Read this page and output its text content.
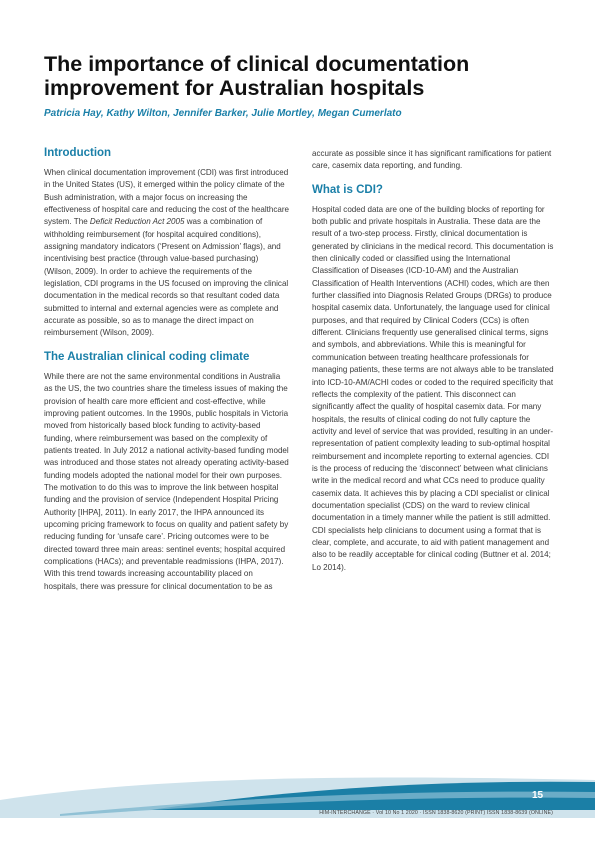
The importance of clinical documentation improvement for Australian hospitals

Patricia Hay, Kathy Wilton, Jennifer Barker, Julie Mortley, Megan Cumerlato

Introduction

When clinical documentation improvement (CDI) was first introduced in the United States (US), it emerged within the policy climate of the Bush administration, with a major focus on increasing the effectiveness of hospital care and reducing the cost of the healthcare system. The Deficit Reduction Act 2005 was a combination of withholding reimbursement (for hospital acquired conditions), assigning mandatory indicators (‘Present on Admission’ flags), and incentivising best practice (through value-based purchasing) (Wilson, 2009). In order to achieve the requirements of the legislation, CDI programs in the US focused on improving the clinical documentation in the medical records so that resultant coded data submitted to internal and external agencies were as complete and accurate as possible, so as to manage the direct impact on reimbursement (Wilson, 2009).

The Australian clinical coding climate

While there are not the same environmental conditions in Australia as the US, the two countries share the timeless issues of making the provision of health care more efficient and cost-effective, while improving patient outcomes. In the 1990s, public hospitals in Victoria moved from historically based block funding to activity-based funding, where reimbursement was based on the complexity of patients treated. In July 2012 a national activity-based funding model was introduced and those states not already operating activity-based funding models adopted the national model for their own purposes. The motivation to do this was to improve the link between hospital funding and the provision of service (Independent Hospital Pricing Authority [IHPA], 2011). In early 2017, the IHPA announced its upcoming pricing framework to focus on quality and patient safety by reducing funding for ‘unsafe care’. Pricing outcomes were to be directed toward three main areas: sentinel events; hospital acquired complications (HACs); and preventable readmissions (IHPA, 2017). With this trend towards increasing accountability placed on hospitals, there was pressure for clinical documentation to be as

accurate as possible since it has significant ramifications for patient care, casemix data reporting, and funding.

What is CDI?

Hospital coded data are one of the building blocks of reporting for both public and private hospitals in Australia. These data are the result of a two-step process. Firstly, clinical documentation is generated by clinicians in the medical record. This documentation is then clinically coded or classified using the International Classification of Diseases (ICD-10-AM) and the Australian Classification of Health Interventions (ACHI) codes, which are then further classified into Diagnosis Related Groups (DRGs) to produce hospital casemix data. Unfortunately, the language used for clinical purposes, and that required by Clinical Coders (CCs) is often different. Clinicians frequently use generalised clinical terms, signs and symbols, and abbreviations. While this is meaningful for communication between treating healthcare professionals for managing patients, these terms are not always able to be translated into ICD-10-AM/ACHI codes or coded to the required specificity that reflects the complexity of the patient. This disconnect can significantly affect the quality of hospital casemix data. For many hospitals, the results of clinical coding do not fully capture the activity and level of service that was provided, resulting in an under-representation of patient complexity leading to sub-optimal hospital reimbursement and incomplete reporting to external agencies. CDI is the process of reducing the ‘disconnect’ between what clinicians write in the medical record and what CCs need to produce quality casemix data. It achieves this by placing a CDI specialist or clinical documentation specialist (CDS) on the ward to review clinical documentation in a timely manner while the patient is still admitted. CDI specialists help clinicians to document using a format that is clear, complete, and accurate, to aid with patient management and also to be readily acceptable for clinical coding (Buttner et al. 2014; Lo 2014).

15
HIM-INTERCHANGE · Vol 10 No 1 2020 · ISSN 1838-8620 (PRINT) ISSN 1838-8639 (ONLINE)
